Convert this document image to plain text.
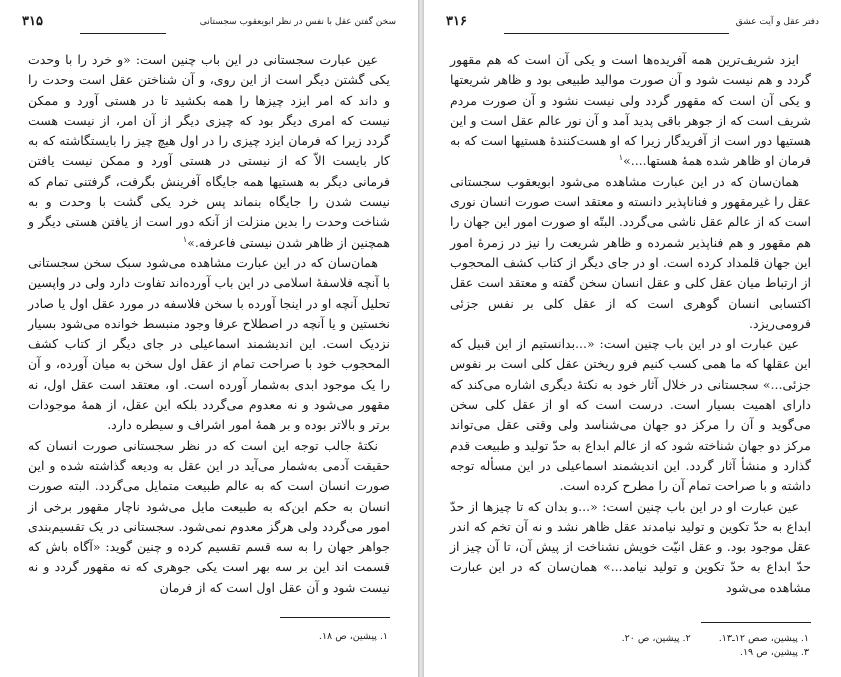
سخن گفتن عقل با نفس در نظر ابویعقوب سجستانی
۳۱۵

عین عبارت سجستانی در این باب چنین است: «و خرد را با وحدت یکی گشتن دیگر است از این روی، و آن شناختن عقل است وحدت را و داند که امر ایزد چیزها را همه بکشید تا در هستی آورد و ممکن نیست که امری دیگر بود که چیزی دیگر از آن امر، از نیست هست گردد زیرا که فرمان ایزد چیزی را در اول هیچ چیز را بایستگاشته که به کار بایست الاّ که از نیستی در هستی آورد و ممکن نیست یافتن فرمانی دیگر به هستیها همه جایگاه آفرینش بگرفت، گرفتنی تمام که نیست شدن را جایگاه بنماند پس خرد یکی گشت با وحدت و به شناخت وحدت را بدین منزلت از آنکه دور است از یافتن هستی دیگر و همچنین از ظاهر شدن نیستی فاعرفه.»$^۱$

همان‌سان که در این عبارت مشاهده می‌شود سبک سخن سجستانی با آنچه فلاسفهٔ اسلامی در این باب آورده‌اند تفاوت دارد ولی در واپسین تحلیل آنچه او در اینجا آورده با سخن فلاسفه در مورد عقل اول یا صادر نخستین و یا آنچه در اصطلاح عرفا وجود منبسط خوانده می‌شود بسیار نزدیک است. این اندیشمند اسماعیلی در جای دیگر از کتاب کشف المحجوب خود با صراحت تمام از عقل اول سخن به میان آورده، و آن را یک موجود ابدی به‌شمار آورده است. او، معتقد است عقل اول، نه مقهور می‌شود و نه معدوم می‌گردد بلکه این عقل، از همهٔ موجودات برتر و بالاتر بوده و بر همهٔ امور اشراف و سیطره دارد.

نکتهٔ جالب توجه این است که در نظر سجستانی صورت انسان که حقیقت آدمی به‌شمار می‌آید در این عقل به ودیعه گذاشته شده و این صورت انسان است که به عالم طبیعت متمایل می‌گردد. البته صورت انسان به حکم این‌که به طبیعت مایل می‌شود ناچار مقهور برخی از امور می‌گردد ولی هرگز معدوم نمی‌شود. سجستانی در یک تقسیم‌بندی جواهر جهان را به سه قسم تقسیم کرده و چنین گوید: «آگاه باش که قسمت اند این بر سه بهر است یکی جوهری که نه مقهور گردد و نه نیست شود و آن عقل اول است که از فرمان

۱. پیشین، ص ۱۸.
دفتر عقل و آیت عشق
۳۱۶

ایزد شریف‌ترین همه آفریده‌ها است و یکی آن است که هم مقهور گردد و هم نیست شود و آن صورت موالید طبیعی بود و ظاهر شریعتها و یکی آن است که مقهور گردد ولی نیست نشود و آن صورت مردم شریف است که از جوهر باقی پدید آمد و آن نور عالم عقل است و این هستیها دور است از آفریدگار زیرا که او هست‌کنندهٔ هستیها است که به فرمان او ظاهر شده همهٔ هستها....»$^۱$

همان‌سان که در این عبارت مشاهده می‌شود ابویعقوب سجستانی عقل را غیرمقهور و فناناپذیر دانسته و معتقد است صورت انسان نوری است که از عالم عقل ناشی می‌گردد. البتّه او صورت امور این جهان را هم مقهور و هم فناپذیر شمرده و ظاهر شریعت را نیز در زمرهٔ امور این جهان قلمداد کرده است. او در جای دیگر از کتاب کشف المحجوب از ارتباط میان عقل کلی و عقل انسان سخن گفته و معتقد است عقل اکتسابی انسان گوهری است که از عقل کلی بر نفس جزئی فرومی‌ریزد.

عین عبارت او در این باب چنین است: «...بدانستیم از این قبیل که این عقلها که ما همی کسب کنیم فرو ریختن عقل کلی است بر نفوس جزئی...» سجستانی در خلال آثار خود به نکتهٔ دیگری اشاره می‌کند که دارای اهمیت بسیار است. درست است که او از عقل کلی سخن می‌گوید و آن را مرکز دو جهان می‌شناسد ولی وقتی عقل می‌تواند مرکز دو جهان شناخته شود که از عالم ابداع به حدّ تولید و طبیعت قدم گذارد و منشأ آثار گردد. این اندیشمند اسماعیلی در این مسأله توجه داشته و با صراحت تمام آن را مطرح کرده است.

عین عبارت او در این باب چنین است: «...و بدان که تا چیزها از حدّ ابداع به حدّ تکوین و تولید نیامدند عقل ظاهر نشد و نه آن تخم که اندر عقل موجود بود. و عقل انیّت خویش نشناخت از پیش آن، تا آن چیز از حدّ ابداع به حدّ تکوین و تولید نیامد...» همان‌سان که در این عبارت مشاهده می‌شود

۱. پیشین، صص ۱۲ـ۱۳.
۲. پیشین، ص ۲۰.
۳. پیشین، ص ۱۹.
